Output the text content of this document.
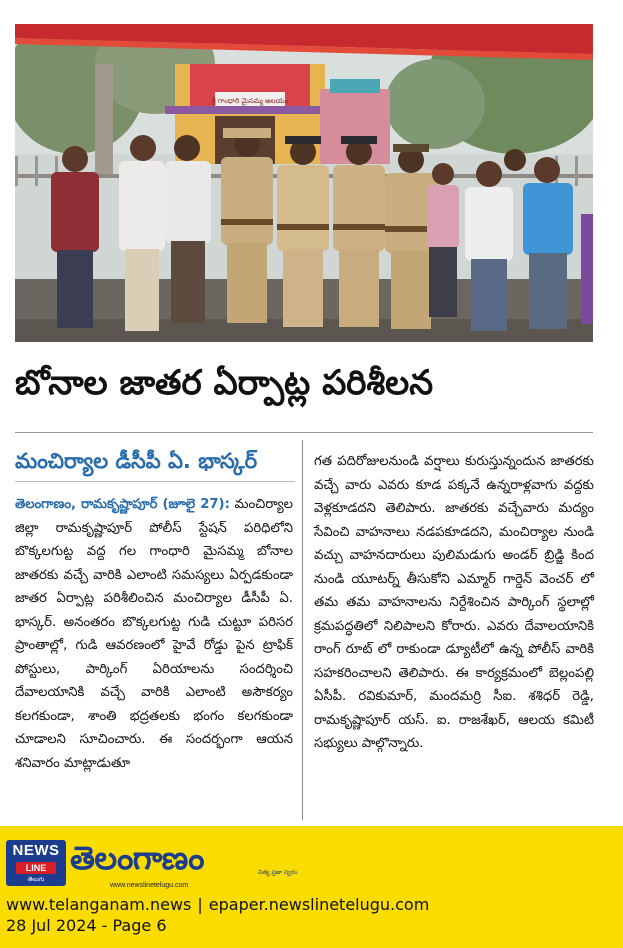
శ్రీ గాంధారి మైసమ్మ ఆలయం
బోనాల జాతర ఏర్పాట్ల పరిశీలన
మంచిర్యాల డీసీపీ ఏ. భాస్కర్

తెలంగాణం, రామకృష్ణాపూర్ (జూలై 27): మంచిర్యాల జిల్లా రామకృష్ణాపూర్ పోలీస్ స్టేషన్ పరిధిలోని బొక్కలగుట్ట వద్ద గల గాంధారి మైసమ్మ బోనాల జాతరకు వచ్చే వారికి ఎలాంటి సమస్యలు ఏర్పడకుండా జాతర ఏర్పాట్ల పరిశీలించిన మంచిర్యాల డీసీపీ ఏ. భాస్కర్. అనంతరం బొక్కలగుట్ట గుడి చుట్టూ పరిసర ప్రాంతాల్లో, గుడి ఆవరణంలో హైవే రోడ్డు పైన ట్రాఫిక్ పోస్టులు, పార్కింగ్ ఏరియాలను సందర్శించి దేవాలయానికి వచ్చే వారికి ఎలాంటి అసౌకర్యం కలగకుండా, శాంతి భద్రతలకు భంగం కలగకుండా చూడాలని సూచించారు. ఈ సందర్భంగా ఆయన శనివారం మాట్లాడుతూ

గత పదిరోజులనుండి వర్షాలు కురుస్తున్నందున జాతరకు వచ్చే వారు ఎవరు కూడ పక్కనే ఉన్నరాళ్లవాగు వద్దకు వెళ్లకూడదని తెలిపారు. జాతరకు వచ్చేవారు మద్యం సేవించి వాహనాలు నడపకూడదని, మంచిర్యాల నుండి వచ్చు వాహనదారులు పులిమడుగు అండర్ బ్రిడ్జి కింద నుండి యూటర్న్ తీసుకోని ఎమ్మార్ గార్డెన్ వెంచర్ లో తమ తమ వాహనాలను నిర్దేశించిన పార్కింగ్ స్థలాల్లో క్రమపద్ధతిలో నిలిపాలని కోరారు. ఎవరు దేవాలయానికి రాంగ్ రూట్ లో రాకుండా డ్యూటీలో ఉన్న పోలీస్ వారికి సహకరించాలని తెలిపారు. ఈ కార్యక్రమంలో బెల్లంపల్లి ఏసీపీ. రవికుమార్, మందమర్రి సీఐ. శశిధర్ రెడ్డి, రామకృష్ణాపూర్ యస్. ఐ. రాజశేఖర్, ఆలయ కమిటీ సభ్యులు పాల్గొన్నారు.

NEWS
LINE
తెలుగు
తెలంగాణం	నిత్య ప్రజా స్వరం
www.newslinetelugu.com
www.telanganam.news | epaper.newslinetelugu.com
28 Jul 2024 - Page 6
